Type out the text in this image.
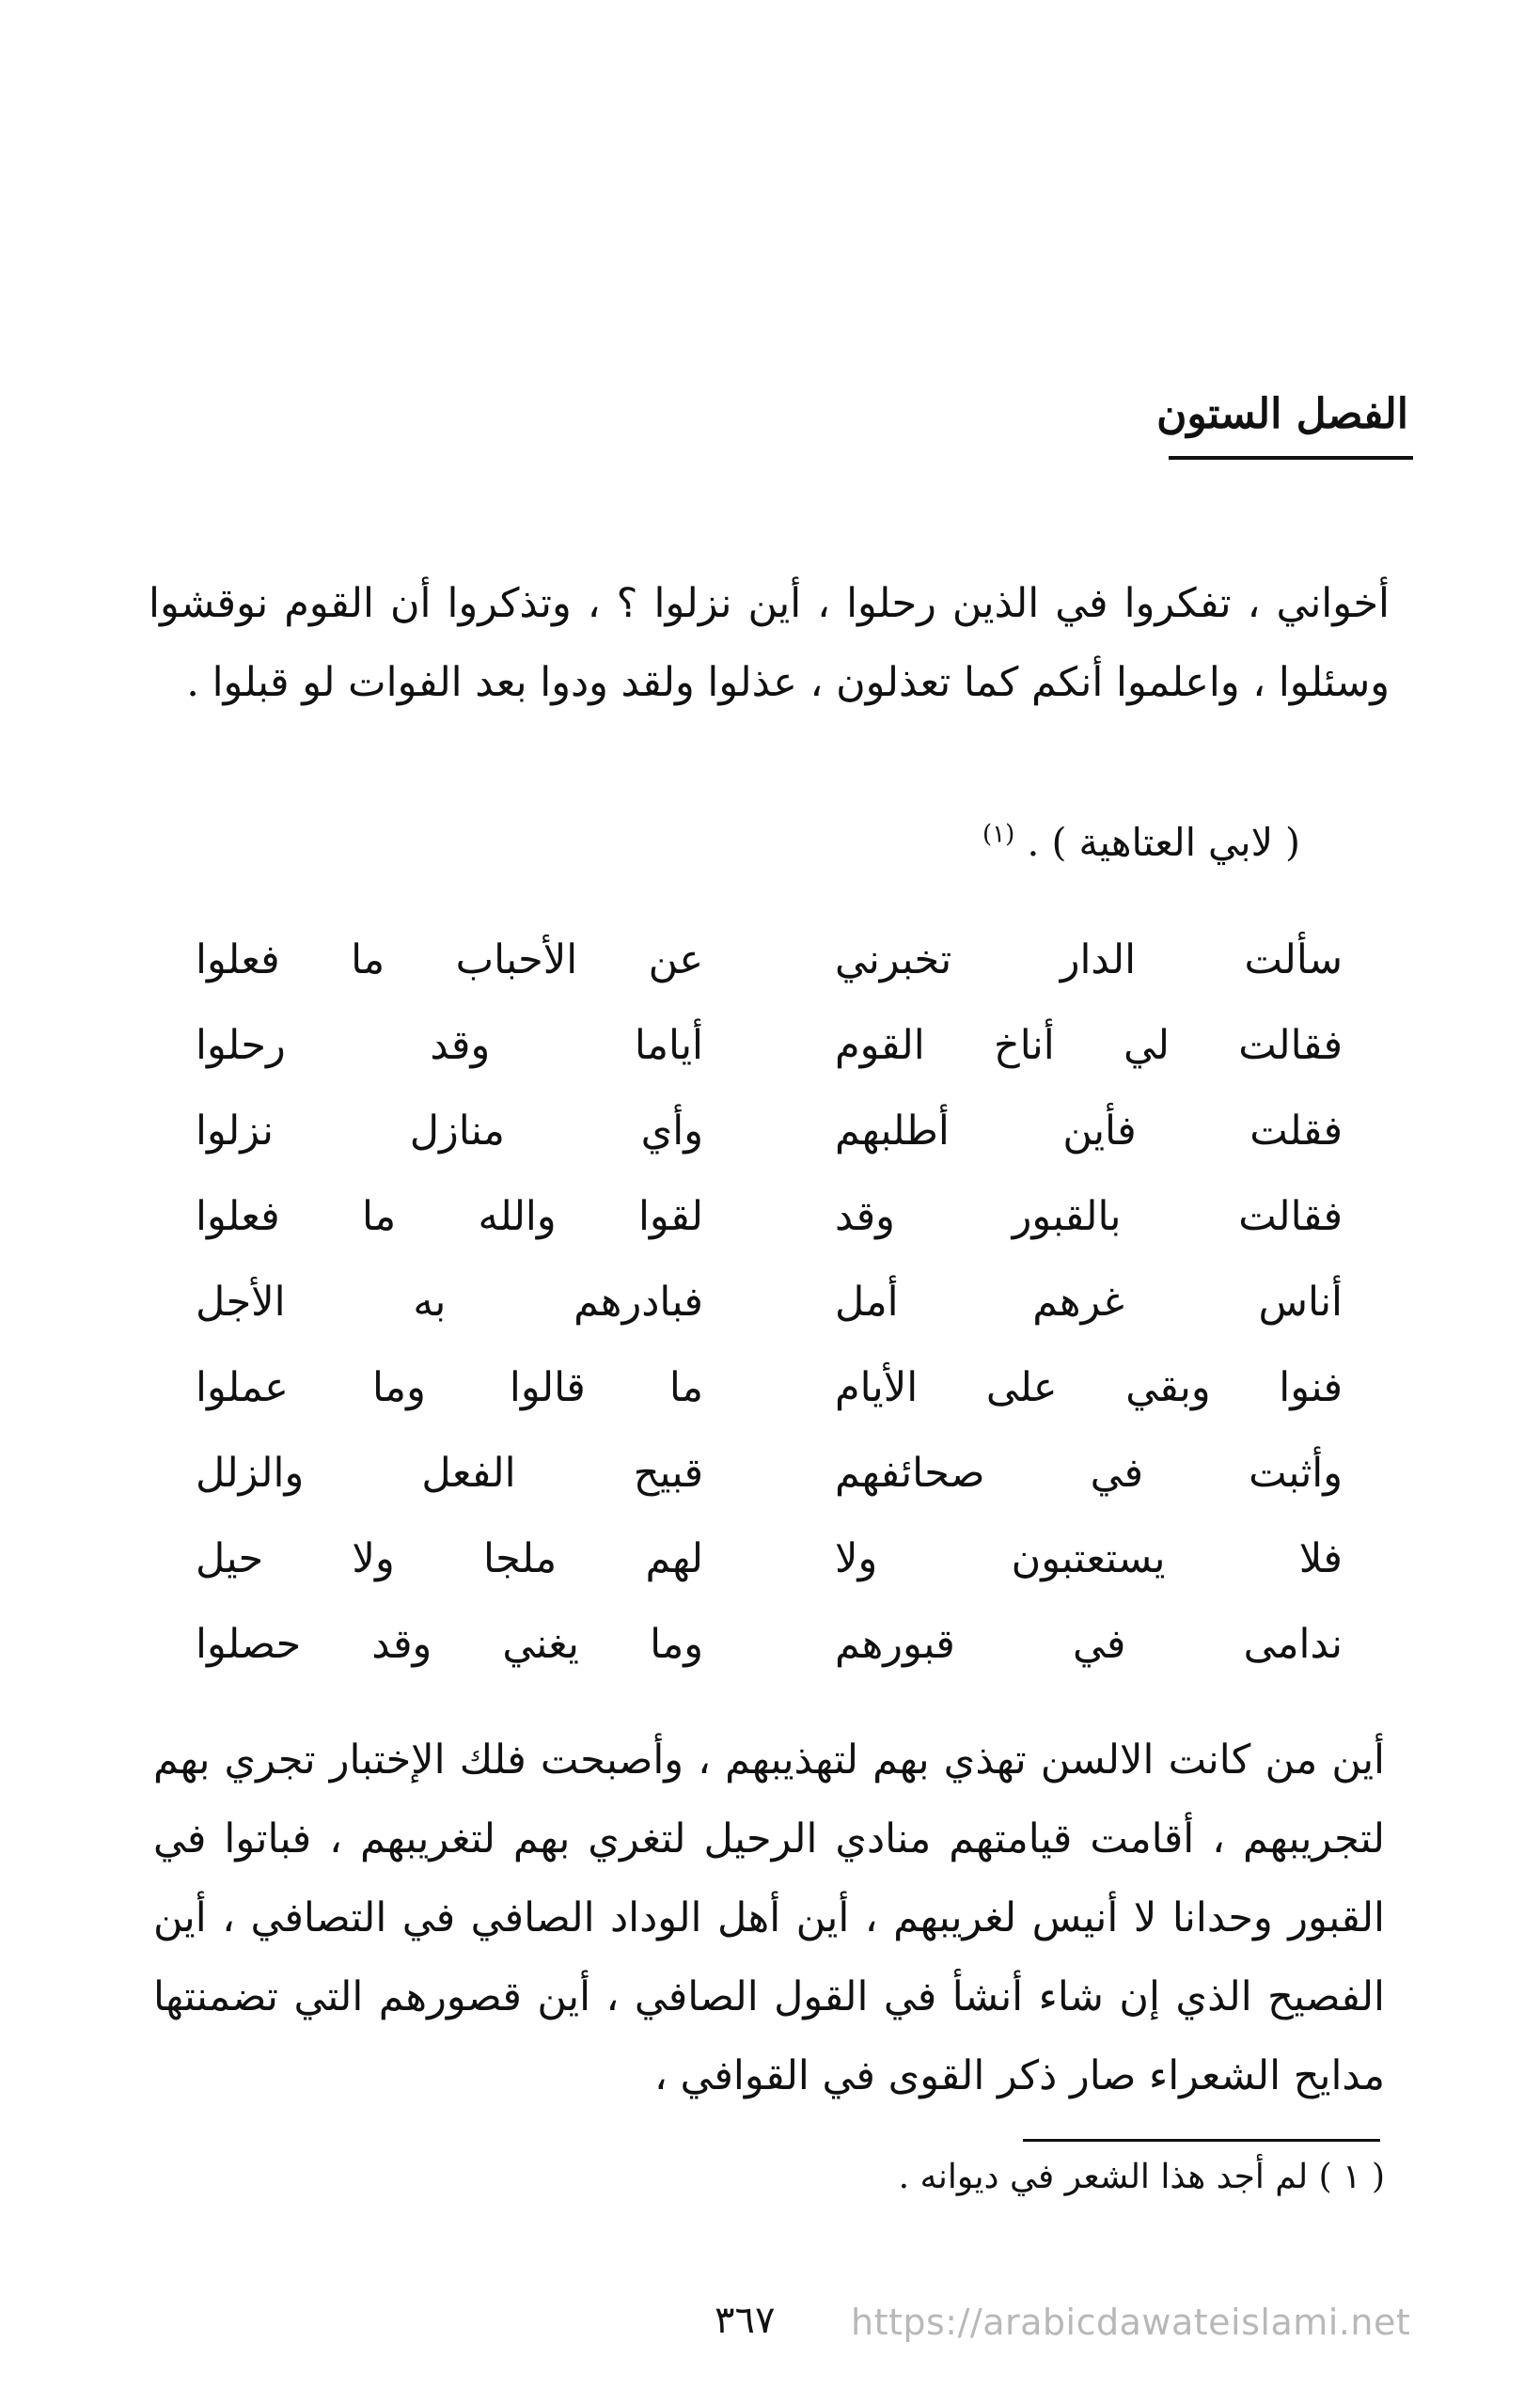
الفصل الستون
أخواني ، تفكروا في الذين رحلوا ، أين نزلوا ؟ ، وتذكروا أن القوم نوقشوا وسئلوا ، واعلموا أنكم كما تعذلون ، عذلوا ولقد ودوا بعد الفوات لو قبلوا .
( لابي العتاهية ) . $^{(١)}$
سألت الدار تخبرني
عن الأحباب ما فعلوا
فقالت لي أناخ القوم
أياما وقد رحلوا
فقلت فأين أطلبهم
وأي منازل نزلوا
فقالت بالقبور وقد
لقوا والله ما فعلوا
أناس غرهم أمل
فبادرهم به الأجل
فنوا وبقي على الأيام
ما قالوا وما عملوا
وأثبت في صحائفهم
قبيح الفعل والزلل
فلا يستعتبون ولا
لهم ملجا ولا حيل
ندامى في قبورهم
وما يغني وقد حصلوا
أين من كانت الالسن تهذي بهم لتهذيبهم ، وأصبحت فلك الإختبار تجري بهم لتجريبهم ، أقامت قيامتهم منادي الرحيل لتغري بهم لتغريبهم ، فباتوا في القبور وحدانا لا أنيس لغريبهم ، أين أهل الوداد الصافي في التصافي ، أين الفصيح الذي إن شاء أنشأ في القول الصافي ، أين قصورهم التي تضمنتها مدايح الشعراء صار ذكر القوى في القوافي ،
( ١ ) لم أجد هذا الشعر في ديوانه .
٣٦٧ https://arabicdawateislami.net
